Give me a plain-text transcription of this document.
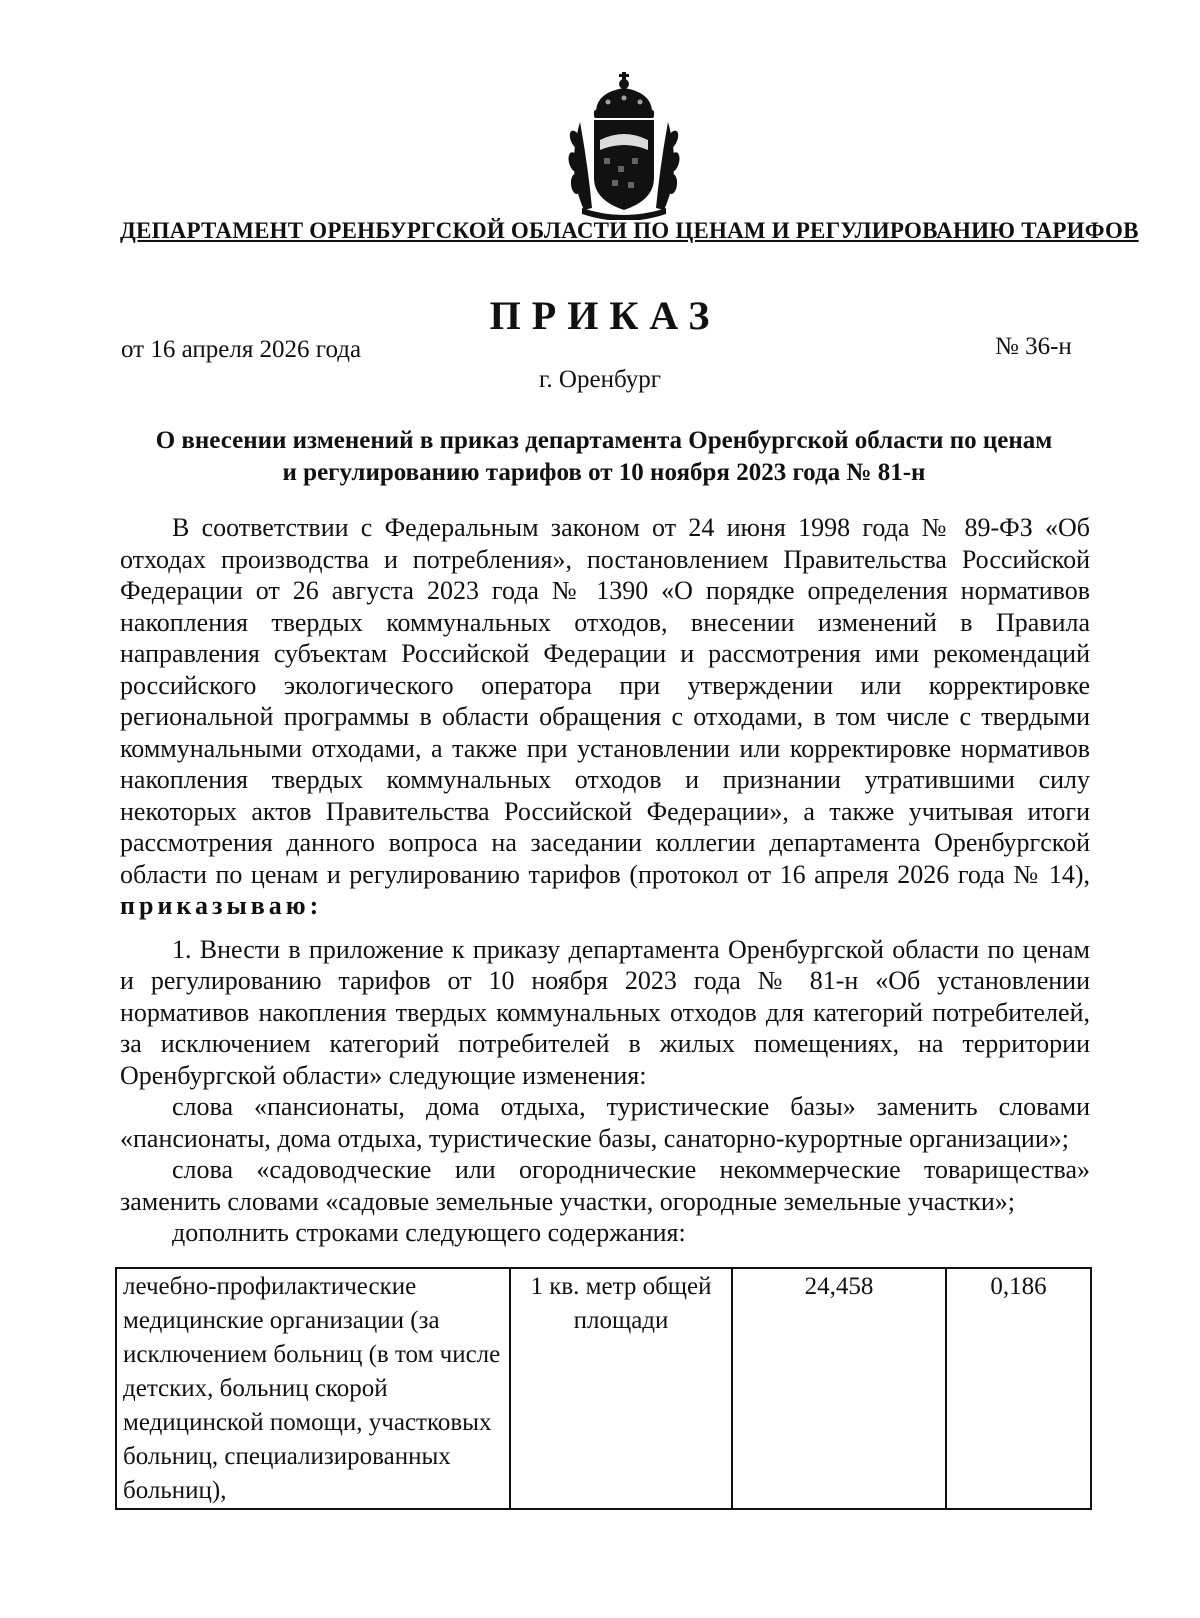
ДЕПАРТАМЕНТ ОРЕНБУРГСКОЙ ОБЛАСТИ ПО ЦЕНАМ И РЕГУЛИРОВАНИЮ ТАРИФОВ
ПРИКАЗ
от 16 апреля 2026 года	№ 36-н
г. Оренбург
О внесении изменений в приказ департамента Оренбургской области по ценам
и регулированию тарифов от 10 ноября 2023 года № 81-н

В соответствии с Федеральным законом от 24 июня 1998 года № 89-ФЗ «Об отходах производства и потребления», постановлением Правительства Российской Федерации от 26 августа 2023 года № 1390 «О порядке определения нормативов накопления твердых коммунальных отходов, внесении изменений в Правила направления субъектам Российской Федерации и рассмотрения ими рекомендаций российского экологического оператора при утверждении или корректировке региональной программы в области обращения с отходами, в том числе с твердыми коммунальными отходами, а также при установлении или корректировке нормативов накопления твердых коммунальных отходов и признании утратившими силу некоторых актов Правительства Российской Федерации», а также учитывая итоги рассмотрения данного вопроса на заседании коллегии департамента Оренбургской области по ценам и регулированию тарифов (протокол от 16 апреля 2026 года № 14), приказываю:

1. Внести в приложение к приказу департамента Оренбургской области по ценам и регулированию тарифов от 10 ноября 2023 года № 81-н «Об установлении нормативов накопления твердых коммунальных отходов для категорий потребителей, за исключением категорий потребителей в жилых помещениях, на территории Оренбургской области» следующие изменения:

слова «пансионаты, дома отдыха, туристические базы» заменить словами «пансионаты, дома отдыха, туристические базы, санаторно-курортные организации»;

слова «садоводческие или огороднические некоммерческие товарищества» заменить словами «садовые земельные участки, огородные земельные участки»;

дополнить строками следующего содержания:

лечебно-профилактические медицинские организации (за исключением больниц (в том числе детских, больниц скорой медицинской помощи, участковых больниц, специализированных больниц),	1 кв. метр общей площади	24,458	0,186
